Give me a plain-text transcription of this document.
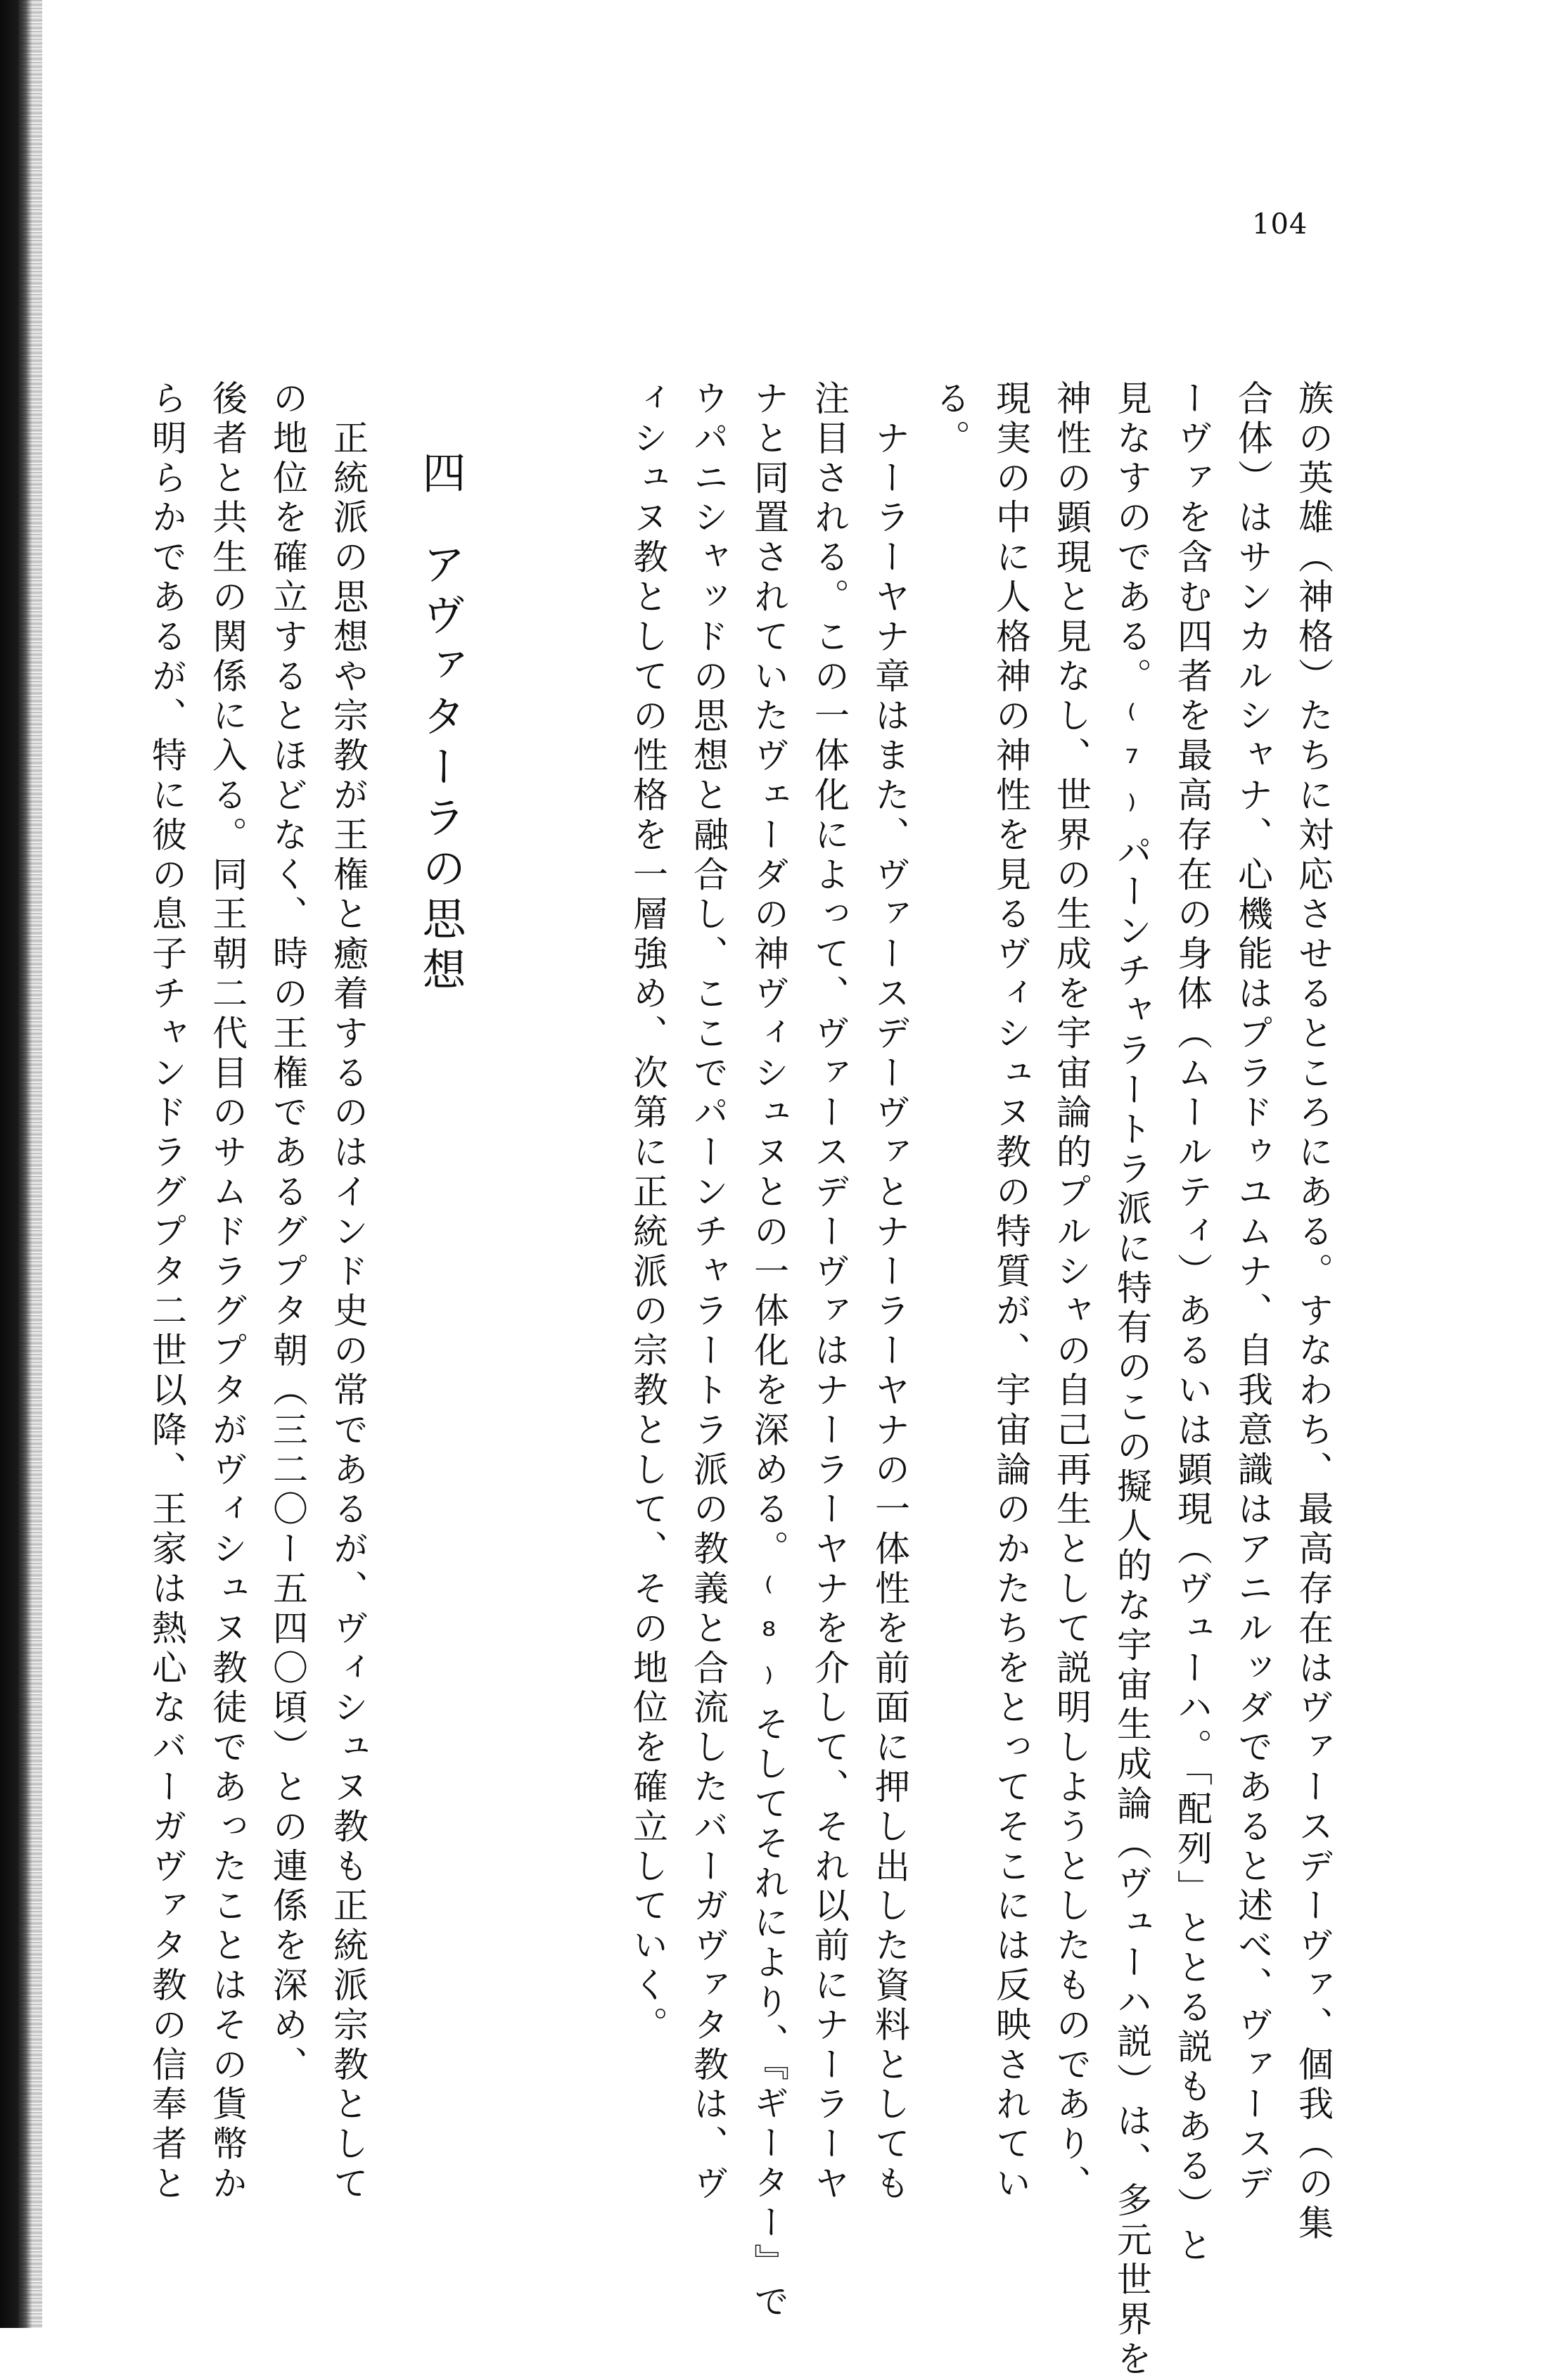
104
族の英雄（神格）たちに対応させるところにある。すなわち、最高存在はヴァースデーヴァ、個我（の集
合体）はサンカルシャナ、心機能はプラドゥユムナ、自我意識はアニルッダであると述べ、ヴァースデ
ーヴァを含む四者を最高存在の身体（ムールティ）あるいは顕現（ヴューハ。「配列」ととる説もある）と
見なすのである。⁽⁷⁾パーンチャラートラ派に特有のこの擬人的な宇宙生成論（ヴューハ説）は、多元世界を
神性の顕現と見なし、世界の生成を宇宙論的プルシャの自己再生として説明しようとしたものであり、
現実の中に人格神の神性を見るヴィシュヌ教の特質が、宇宙論のかたちをとってそこには反映されてい
る。
　ナーラーヤナ章はまた、ヴァースデーヴァとナーラーヤナの一体性を前面に押し出した資料としても
注目される。この一体化によって、ヴァースデーヴァはナーラーヤナを介して、それ以前にナーラーヤ
ナと同置されていたヴェーダの神ヴィシュヌとの一体化を深める。⁽⁸⁾そしてそれにより、『ギーター』で
ウパニシャッドの思想と融合し、ここでパーンチャラートラ派の教義と合流したバーガヴァタ教は、ヴ
ィシュヌ教としての性格を一層強め、次第に正統派の宗教として、その地位を確立していく。
四アヴァターラの思想
　正統派の思想や宗教が王権と癒着するのはインド史の常であるが、ヴィシュヌ教も正統派宗教として
の地位を確立するとほどなく、時の王権であるグプタ朝（三二〇ー五四〇頃）との連係を深め、
後者と共生の関係に入る。同王朝二代目のサムドラグプタがヴィシュヌ教徒であったことはその貨幣か
ら明らかであるが、特に彼の息子チャンドラグプタ二世以降、王家は熱心なバーガヴァタ教の信奉者と
